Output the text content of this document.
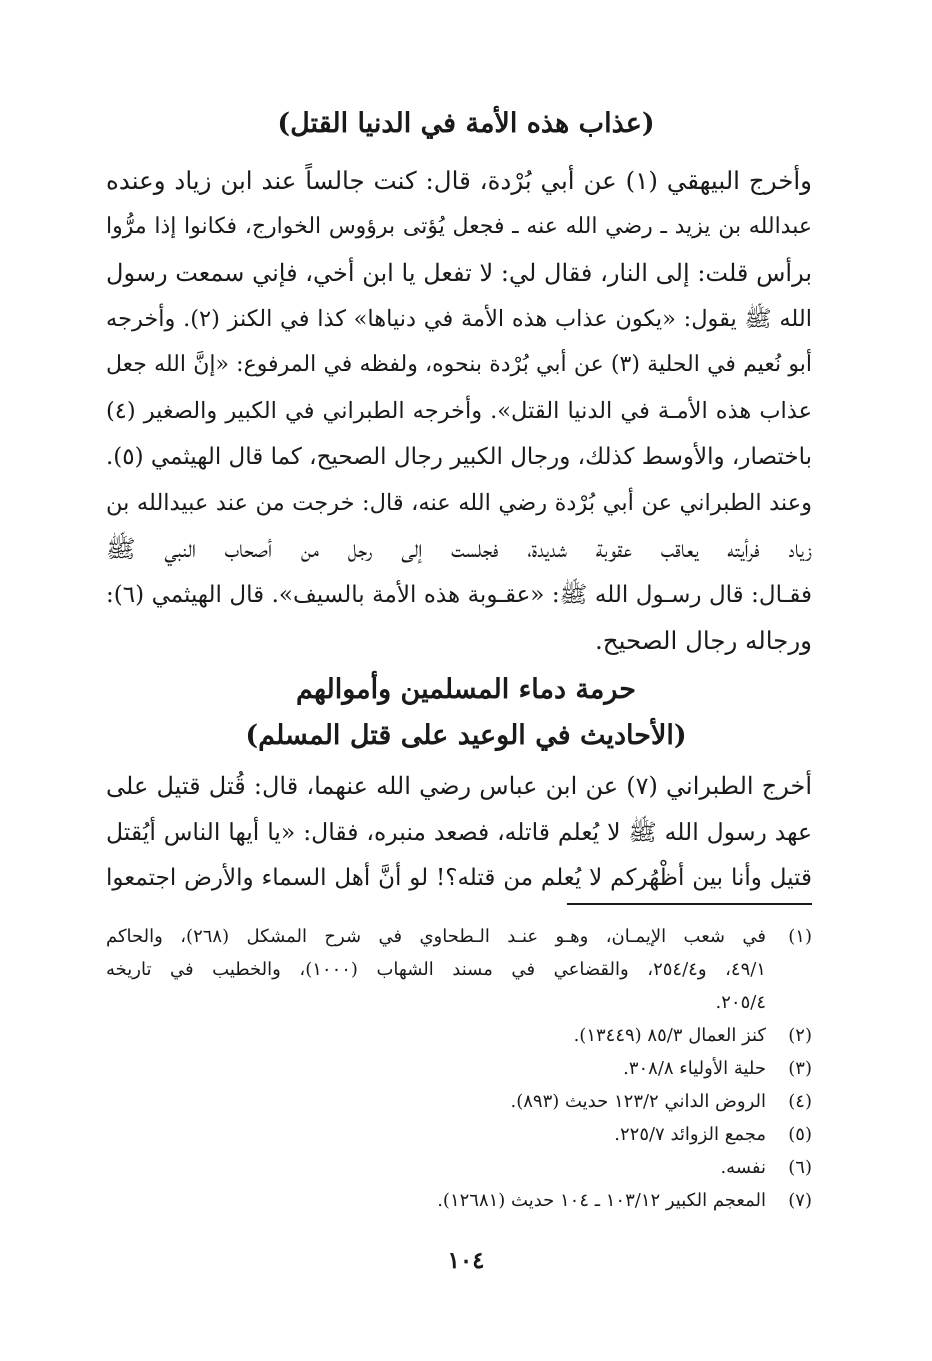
(عذاب هذه الأمة في الدنيا القتل)
وأخرج البيهقي (١) عن أبي بُرْدة، قال: كنت جالساً عند ابن زياد وعنده
عبدالله بن يزيد ـ رضي الله عنه ـ فجعل يُؤتى برؤوس الخوارج، فكانوا إذا مرُّوا
برأس قلت: إلى النار، فقال لي: لا تفعل يا ابن أخي، فإني سمعت رسول
الله ﷺ يقول: «يكون عذاب هذه الأمة في دنياها» كذا في الكنز (٢). وأخرجه
أبو نُعيم في الحلية (٣) عن أبي بُرْدة بنحوه، ولفظه في المرفوع: «إنَّ الله جعل
عذاب هذه الأمـة في الدنيا القتل». وأخرجه الطبراني في الكبير والصغير (٤)
باختصار، والأوسط كذلك، ورجال الكبير رجال الصحيح، كما قال الهيثمي (٥).
وعند الطبراني عن أبي بُرْدة رضي الله عنه، قال: خرجت من عند عبيدالله بن
زياد فرأيته يعاقب عقوبة شديدة، فجلست إلى رجل من أصحاب النبي ﷺ
فقـال: قال رسـول الله ﷺ: «عقـوبة هذه الأمة بالسيف». قال الهيثمي (٦):
ورجاله رجال الصحيح.
حرمة دماء المسلمين وأموالهم
(الأحاديث في الوعيد على قتل المسلم)
أخرج الطبراني (٧) عن ابن عباس رضي الله عنهما، قال: قُتل قتيل على
عهد رسول الله ﷺ لا يُعلم قاتله، فصعد منبره، فقال: «يا أيها الناس أيُقتل
قتيل وأنا بين أظْهُركم لا يُعلم من قتله؟! لو أنَّ أهل السماء والأرض اجتمعوا
(١)
في شعب الإيمـان، وهـو عنـد الـطحاوي في شرح المشكل (٢٦٨)، والحاكم
٤٩/١، و٢٥٤/٤، والقضاعي في مسند الشهاب (١٠٠٠)، والخطيب في تاريخه
٢٠٥/٤.
(٢)
كنز العمال ٨٥/٣ (١٣٤٤٩).
(٣)
حلية الأولياء ٣٠٨/٨.
(٤)
الروض الداني ١٢٣/٢ حديث (٨٩٣).
(٥)
مجمع الزوائد ٢٢٥/٧.
(٦)
نفسه.
(٧)
المعجم الكبير ١٠٣/١٢ ـ ١٠٤ حديث (١٢٦٨١).
١٠٤
